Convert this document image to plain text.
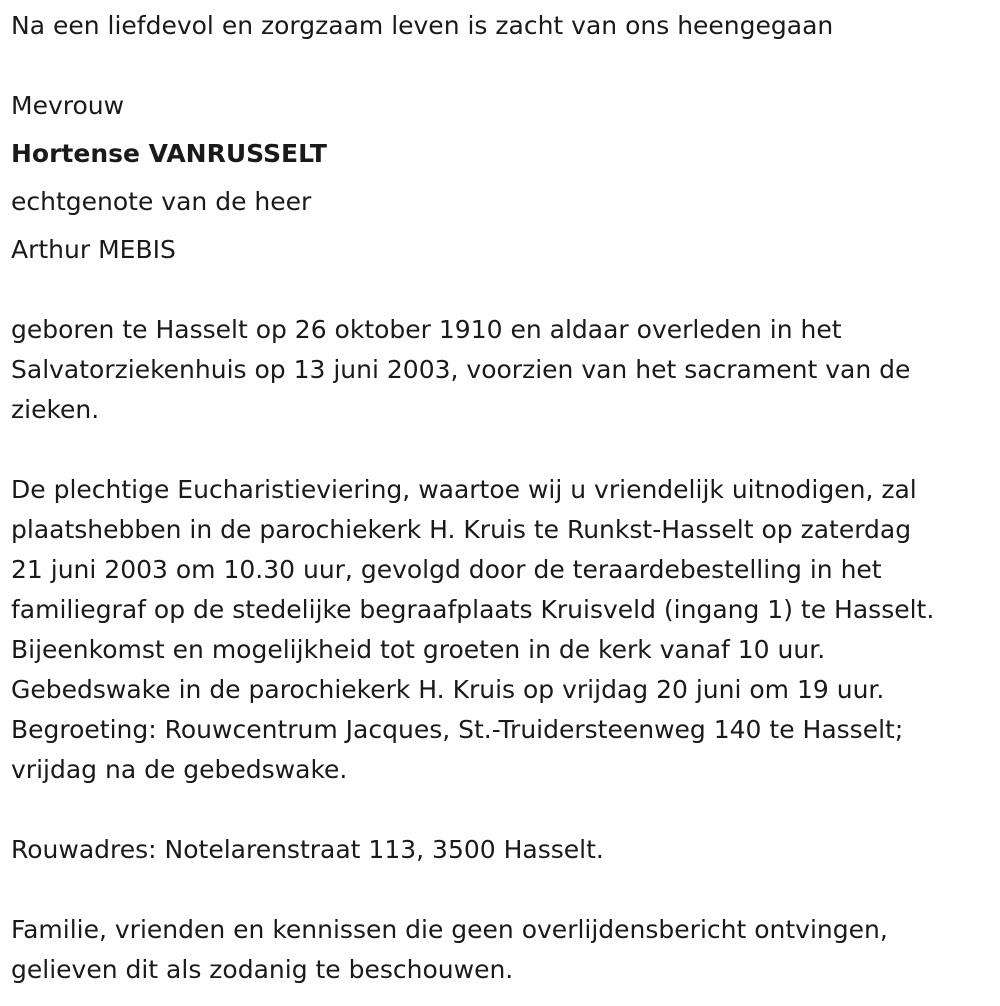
Na een liefdevol en zorgzaam leven is zacht van ons heengegaan
Mevrouw
Hortense VANRUSSELT
echtgenote van de heer
Arthur MEBIS
geboren te Hasselt op 26 oktober 1910 en aldaar overleden in het
Salvatorziekenhuis op 13 juni 2003, voorzien van het sacrament van de
zieken.
De plechtige Eucharistieviering, waartoe wij u vriendelijk uitnodigen, zal
plaatshebben in de parochiekerk H. Kruis te Runkst-Hasselt op zaterdag
21 juni 2003 om 10.30 uur, gevolgd door de teraardebestelling in het
familiegraf op de stedelijke begraafplaats Kruisveld (ingang 1) te Hasselt.
Bijeenkomst en mogelijkheid tot groeten in de kerk vanaf 10 uur.
Gebedswake in de parochiekerk H. Kruis op vrijdag 20 juni om 19 uur.
Begroeting: Rouwcentrum Jacques, St.-Truidersteenweg 140 te Hasselt;
vrijdag na de gebedswake.
Rouwadres: Notelarenstraat 113, 3500 Hasselt.
Familie, vrienden en kennissen die geen overlijdensbericht ontvingen,
gelieven dit als zodanig te beschouwen.
